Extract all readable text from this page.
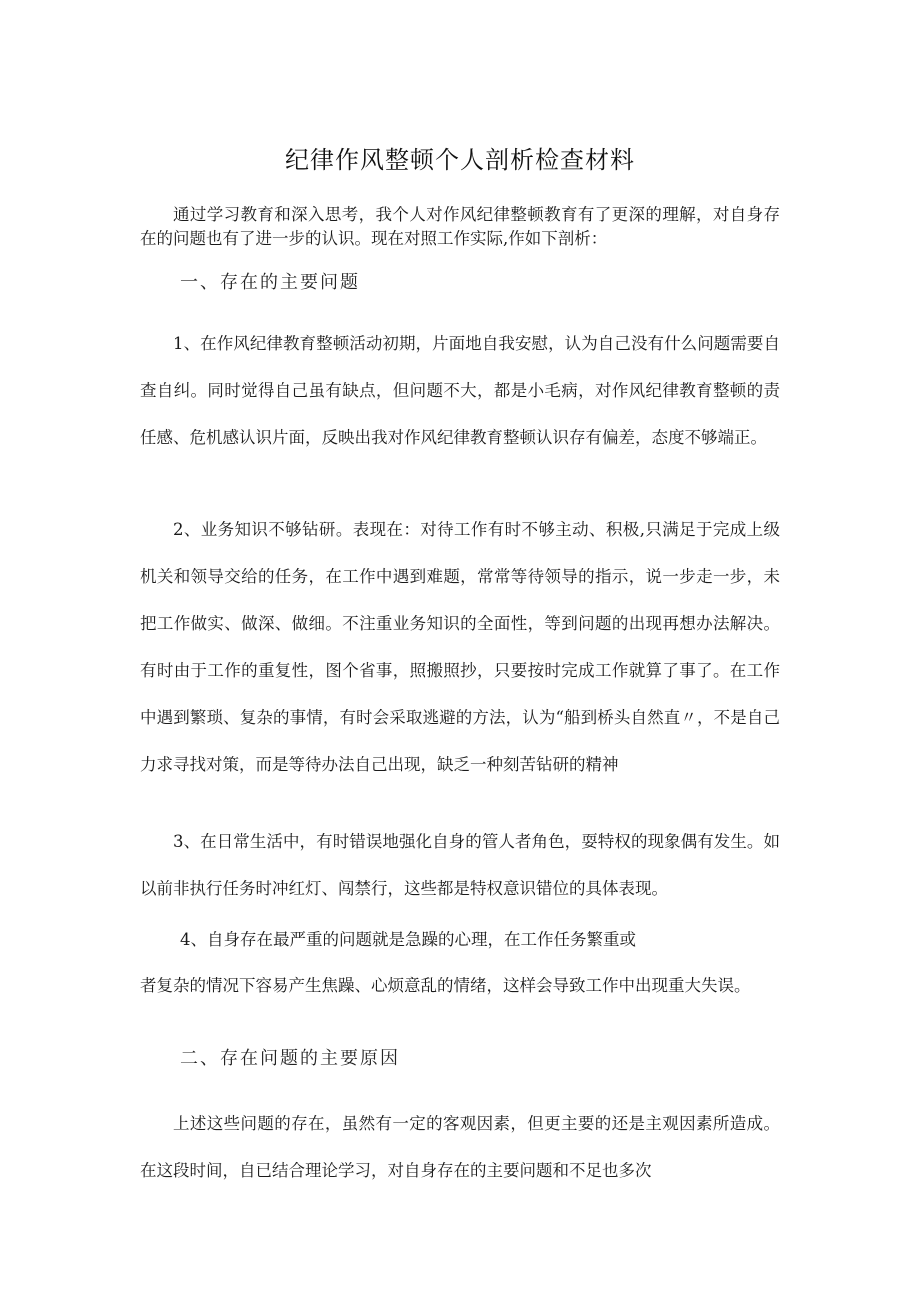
纪律作风整顿个人剖析检查材料

通过学习教育和深入思考，我个人对作风纪律整顿教育有了更深的理解，对自身存在的问题也有了进一步的认识。现在对照工作实际,作如下剖析：

一、存在的主要问题

1、在作风纪律教育整顿活动初期，片面地自我安慰，认为自己没有什么问题需要自查自纠。同时觉得自己虽有缺点，但问题不大，都是小毛病，对作风纪律教育整顿的责任感、危机感认识片面，反映出我对作风纪律教育整顿认识存有偏差，态度不够端正。

2、业务知识不够钻研。表现在：对待工作有时不够主动、积极,只满足于完成上级机关和领导交给的任务，在工作中遇到难题，常常等待领导的指示，说一步走一步，未把工作做实、做深、做细。不注重业务知识的全面性，等到问题的出现再想办法解决。有时由于工作的重复性，图个省事，照搬照抄，只要按时完成工作就算了事了。在工作中遇到繁琐、复杂的事情，有时会采取逃避的方法，认为“船到桥头自然直〃，不是自己力求寻找对策，而是等待办法自己出现，缺乏一种刻苦钻研的精神

3、在日常生活中，有时错误地强化自身的管人者角色，耍特权的现象偶有发生。如以前非执行任务时冲红灯、闯禁行，这些都是特权意识错位的具体表现。

4、自身存在最严重的问题就是急躁的心理，在工作任务繁重或

者复杂的情况下容易产生焦躁、心烦意乱的情绪，这样会导致工作中出现重大失误。

二、存在问题的主要原因

上述这些问题的存在，虽然有一定的客观因素，但更主要的还是主观因素所造成。在这段时间，自已结合理论学习，对自身存在的主要问题和不足也多次
